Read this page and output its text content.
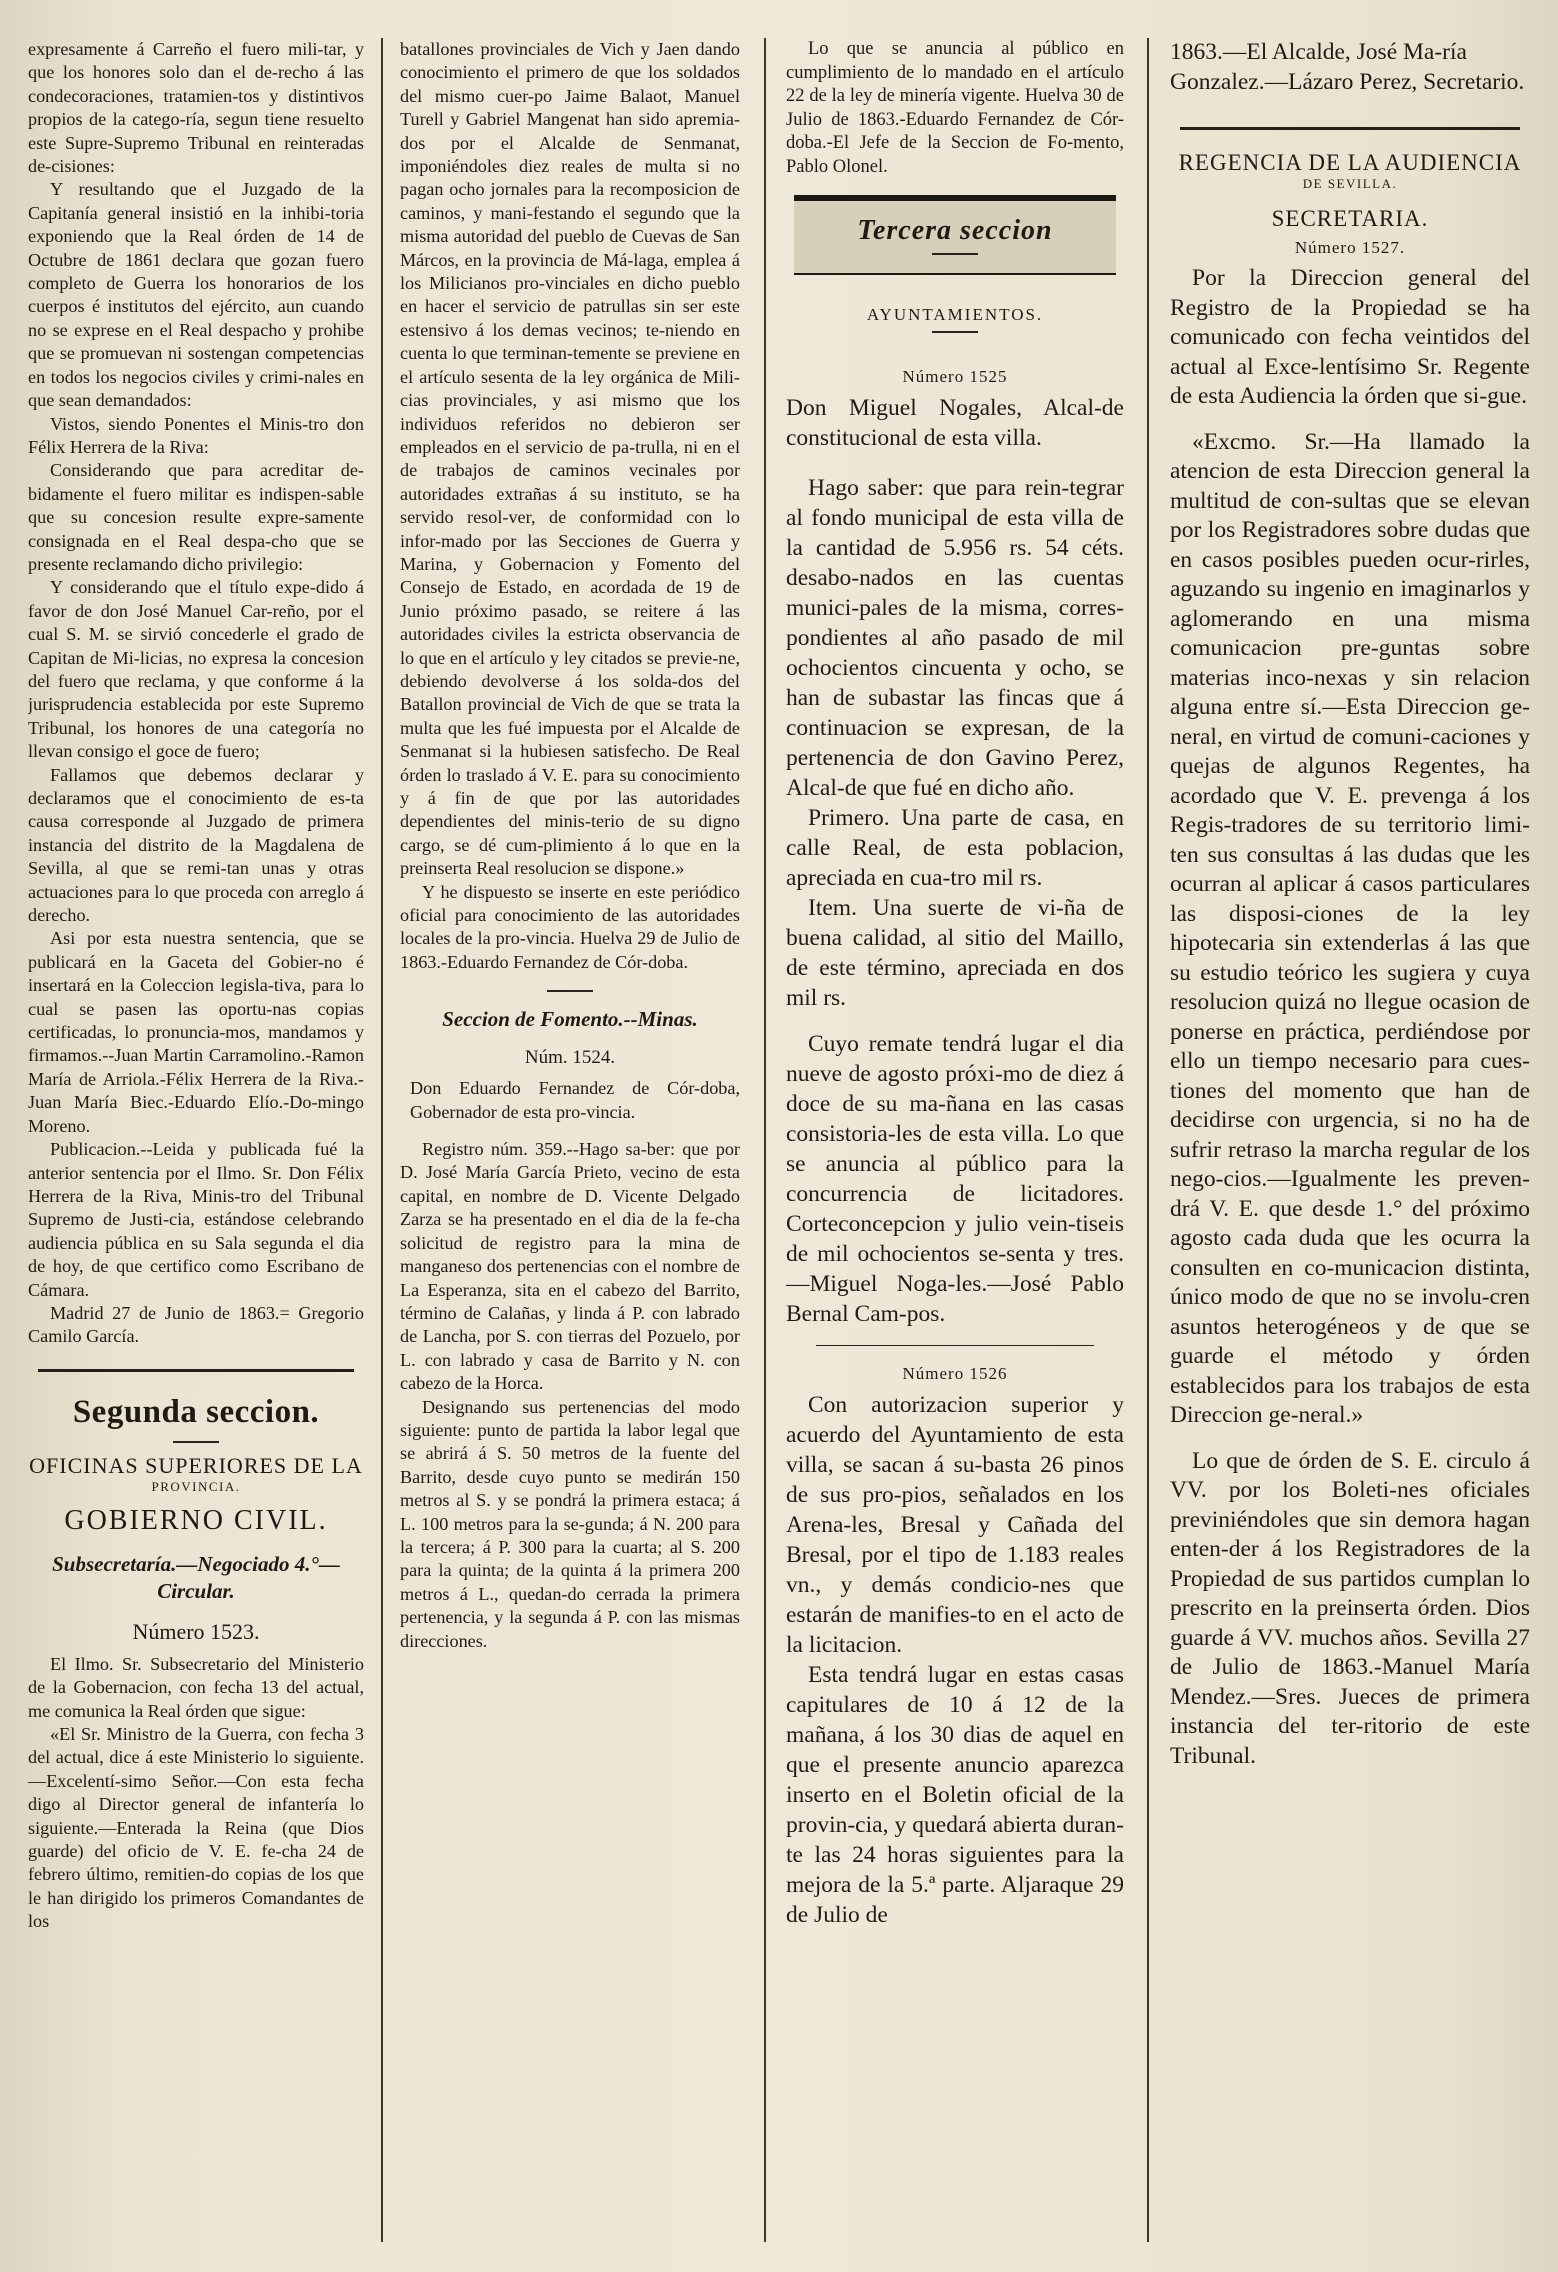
expresamente á Carreño el fuero mili-tar, y que los honores solo dan el de-recho á las condecoraciones, tratamien-tos y distintivos propios de la catego-ría, segun tiene resuelto este Supre-Supremo Tribunal en reinteradas de-cisiones:

Y resultando que el Juzgado de la Capitanía general insistió en la inhibi-toria exponiendo que la Real órden de 14 de Octubre de 1861 declara que gozan fuero completo de Guerra los honorarios de los cuerpos é institutos del ejército, aun cuando no se exprese en el Real despacho y prohibe que se promuevan ni sostengan competencias en todos los negocios civiles y crimi-nales en que sean demandados:

Vistos, siendo Ponentes el Minis-tro don Félix Herrera de la Riva:

Considerando que para acreditar de-bidamente el fuero militar es indispen-sable que su concesion resulte expre-samente consignada en el Real despa-cho que se presente reclamando dicho privilegio:

Y considerando que el título expe-dido á favor de don José Manuel Car-reño, por el cual S. M. se sirvió concederle el grado de Capitan de Mi-licias, no expresa la concesion del fuero que reclama, y que conforme á la jurisprudencia establecida por este Supremo Tribunal, los honores de una categoría no llevan consigo el goce de fuero;

Fallamos que debemos declarar y declaramos que el conocimiento de es-ta causa corresponde al Juzgado de primera instancia del distrito de la Magdalena de Sevilla, al que se remi-tan unas y otras actuaciones para lo que proceda con arreglo á derecho.

Asi por esta nuestra sentencia, que se publicará en la Gaceta del Gobier-no é insertará en la Coleccion legisla-tiva, para lo cual se pasen las oportu-nas copias certificadas, lo pronuncia-mos, mandamos y firmamos.--Juan Martin Carramolino.-Ramon María de Arriola.-Félix Herrera de la Riva.-Juan María Biec.-Eduardo Elío.-Do-mingo Moreno.

Publicacion.--Leida y publicada fué la anterior sentencia por el Ilmo. Sr. Don Félix Herrera de la Riva, Minis-tro del Tribunal Supremo de Justi-cia, estándose celebrando audiencia pública en su Sala segunda el dia de hoy, de que certifico como Escribano de Cámara.

Madrid 27 de Junio de 1863.= Gregorio Camilo García.

Segunda seccion.
OFICINAS SUPERIORES DE LA
PROVINCIA.
GOBIERNO CIVIL.
Subsecretaría.—Negociado 4.°— Circular.
Número 1523.

El Ilmo. Sr. Subsecretario del Ministerio de la Gobernacion, con fecha 13 del actual, me comunica la Real órden que sigue:

«El Sr. Ministro de la Guerra, con fecha 3 del actual, dice á este Ministerio lo siguiente.—Excelentí-simo Señor.—Con esta fecha digo al Director general de infantería lo siguiente.—Enterada la Reina (que Dios guarde) del oficio de V. E. fe-cha 24 de febrero último, remitien-do copias de los que le han dirigido los primeros Comandantes de los

batallones provinciales de Vich y Jaen dando conocimiento el primero de que los soldados del mismo cuer-po Jaime Balaot, Manuel Turell y Gabriel Mangenat han sido apremia-dos por el Alcalde de Senmanat, imponiéndoles diez reales de multa si no pagan ocho jornales para la recomposicion de caminos, y mani-festando el segundo que la misma autoridad del pueblo de Cuevas de San Márcos, en la provincia de Má-laga, emplea á los Milicianos pro-vinciales en dicho pueblo en hacer el servicio de patrullas sin ser este estensivo á los demas vecinos; te-niendo en cuenta lo que terminan-temente se previene en el artículo sesenta de la ley orgánica de Mili-cias provinciales, y asi mismo que los individuos referidos no debieron ser empleados en el servicio de pa-trulla, ni en el de trabajos de caminos vecinales por autoridades extrañas á su instituto, se ha servido resol-ver, de conformidad con lo infor-mado por las Secciones de Guerra y Marina, y Gobernacion y Fomento del Consejo de Estado, en acordada de 19 de Junio próximo pasado, se reitere á las autoridades civiles la estricta observancia de lo que en el artículo y ley citados se previe-ne, debiendo devolverse á los solda-dos del Batallon provincial de Vich de que se trata la multa que les fué impuesta por el Alcalde de Senmanat si la hubiesen satisfecho. De Real órden lo traslado á V. E. para su conocimiento y á fin de que por las autoridades dependientes del minis-terio de su digno cargo, se dé cum-plimiento á lo que en la preinserta Real resolucion se dispone.»

Y he dispuesto se inserte en este periódico oficial para conocimiento de las autoridades locales de la pro-vincia. Huelva 29 de Julio de 1863.-Eduardo Fernandez de Cór-doba.

Seccion de Fomento.--Minas.
Núm. 1524.

Don Eduardo Fernandez de Cór-doba, Gobernador de esta pro-vincia.

Registro núm. 359.--Hago sa-ber: que por D. José María García Prieto, vecino de esta capital, en nombre de D. Vicente Delgado Zarza se ha presentado en el dia de la fe-cha solicitud de registro para la mina de manganeso dos pertenencias con el nombre de La Esperanza, sita en el cabezo del Barrito, término de Calañas, y linda á P. con labrado de Lancha, por S. con tierras del Pozuelo, por L. con labrado y casa de Barrito y N. con cabezo de la Horca.

Designando sus pertenencias del modo siguiente: punto de partida la labor legal que se abrirá á S. 50 metros de la fuente del Barrito, desde cuyo punto se medirán 150 metros al S. y se pondrá la primera estaca; á L. 100 metros para la se-gunda; á N. 200 para la tercera; á P. 300 para la cuarta; al S. 200 para la quinta; de la quinta á la primera 200 metros á L., quedan-do cerrada la primera pertenencia, y la segunda á P. con las mismas direcciones.

Lo que se anuncia al público en cumplimiento de lo mandado en el artículo 22 de la ley de minería vigente. Huelva 30 de Julio de 1863.-Eduardo Fernandez de Cór-doba.-El Jefe de la Seccion de Fo-mento, Pablo Olonel.

Tercera seccion
AYUNTAMIENTOS.
Número 1525

Don Miguel Nogales, Alcal-de constitucional de esta villa.

Hago saber: que para rein-tegrar al fondo municipal de esta villa de la cantidad de 5.956 rs. 54 céts. desabo-nados en las cuentas munici-pales de la misma, corres-pondientes al año pasado de mil ochocientos cincuenta y ocho, se han de subastar las fincas que á continuacion se expresan, de la pertenencia de don Gavino Perez, Alcal-de que fué en dicho año.

Primero. Una parte de casa, en calle Real, de esta poblacion, apreciada en cua-tro mil rs.

Item. Una suerte de vi-ña de buena calidad, al sitio del Maillo, de este término, apreciada en dos mil rs.

Cuyo remate tendrá lugar el dia nueve de agosto próxi-mo de diez á doce de su ma-ñana en las casas consistoria-les de esta villa. Lo que se anuncia al público para la concurrencia de licitadores. Corteconcepcion y julio vein-tiseis de mil ochocientos se-senta y tres.—Miguel Noga-les.—José Pablo Bernal Cam-pos.

Número 1526

Con autorizacion superior y acuerdo del Ayuntamiento de esta villa, se sacan á su-basta 26 pinos de sus pro-pios, señalados en los Arena-les, Bresal y Cañada del Bresal, por el tipo de 1.183 reales vn., y demás condicio-nes que estarán de manifies-to en el acto de la licitacion.

Esta tendrá lugar en estas casas capitulares de 10 á 12 de la mañana, á los 30 dias de aquel en que el presente anuncio aparezca inserto en el Boletin oficial de la provin-cia, y quedará abierta duran-te las 24 horas siguientes para la mejora de la 5.ª parte. Aljaraque 29 de Julio de

1863.—El Alcalde, José Ma-ría Gonzalez.—Lázaro Perez, Secretario.

REGENCIA DE LA AUDIENCIA
DE SEVILLA.
SECRETARIA.
Número 1527.

Por la Direccion general del Registro de la Propiedad se ha comunicado con fecha veintidos del actual al Exce-lentísimo Sr. Regente de esta Audiencia la órden que si-gue.

«Excmo. Sr.—Ha llamado la atencion de esta Direccion general la multitud de con-sultas que se elevan por los Registradores sobre dudas que en casos posibles pueden ocur-rirles, aguzando su ingenio en imaginarlos y aglomerando en una misma comunicacion pre-guntas sobre materias inco-nexas y sin relacion alguna entre sí.—Esta Direccion ge-neral, en virtud de comuni-caciones y quejas de algunos Regentes, ha acordado que V. E. prevenga á los Regis-tradores de su territorio limi-ten sus consultas á las dudas que les ocurran al aplicar á casos particulares las disposi-ciones de la ley hipotecaria sin extenderlas á las que su estudio teórico les sugiera y cuya resolucion quizá no llegue ocasion de ponerse en práctica, perdiéndose por ello un tiempo necesario para cues-tiones del momento que han de decidirse con urgencia, si no ha de sufrir retraso la marcha regular de los nego-cios.—Igualmente les preven-drá V. E. que desde 1.° del próximo agosto cada duda que les ocurra la consulten en co-municacion distinta, único modo de que no se involu-cren asuntos heterogéneos y de que se guarde el método y órden establecidos para los trabajos de esta Direccion ge-neral.»

Lo que de órden de S. E. circulo á VV. por los Boleti-nes oficiales previniéndoles que sin demora hagan enten-der á los Registradores de la Propiedad de sus partidos cumplan lo prescrito en la preinserta órden. Dios guarde á VV. muchos años. Sevilla 27 de Julio de 1863.-Manuel María Mendez.—Sres. Jueces de primera instancia del ter-ritorio de este Tribunal.
